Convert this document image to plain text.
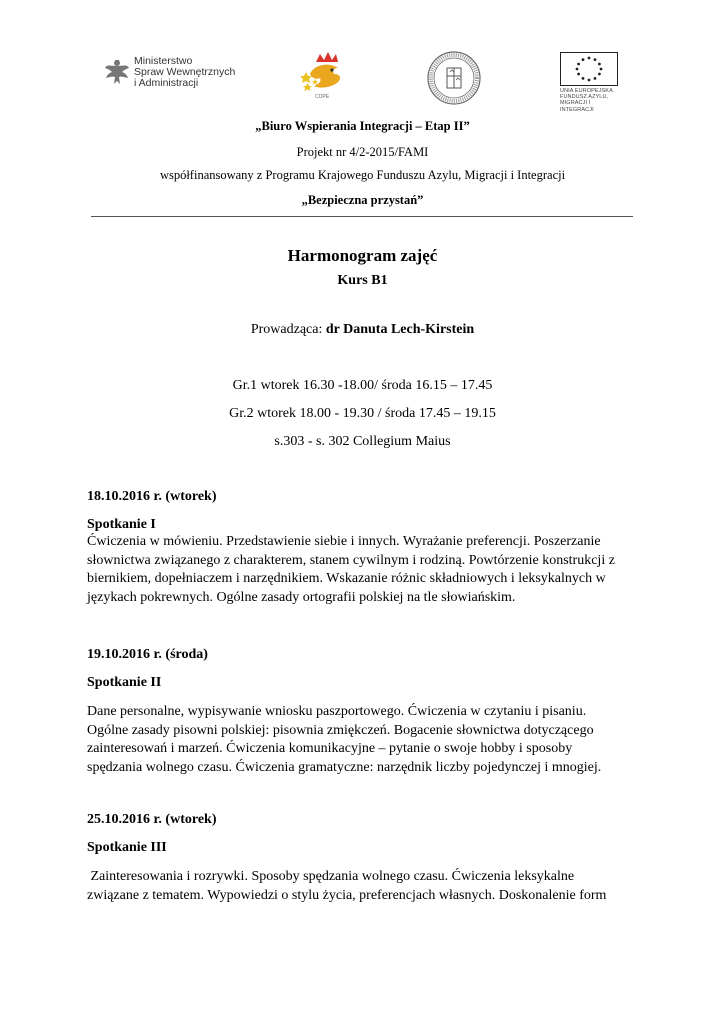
Ministerstwo
Spraw Wewnętrznych
i Administracji
COPE
UNIA EUROPEJSKA
FUNDUSZ AZYLU,
MIGRACJI I INTEGRACJI
„Biuro Wspierania Integracji – Etap II”
Projekt nr 4/2-2015/FAMI
współfinansowany z Programu Krajowego Funduszu Azylu, Migracji i Integracji
„Bezpieczna przystań”
Harmonogram zajęć
Kurs B1
Prowadząca: dr Danuta Lech-Kirstein
Gr.1 wtorek 16.30 -18.00/ środa 16.15 – 17.45
Gr.2 wtorek 18.00 - 19.30 / środa 17.45 – 19.15
s.303 - s. 302 Collegium Maius
18.10.2016 r. (wtorek)
Spotkanie I
Ćwiczenia w mówieniu. Przedstawienie siebie i innych. Wyrażanie preferencji. Poszerzanie
słownictwa związanego z charakterem, stanem cywilnym i rodziną. Powtórzenie konstrukcji z
biernikiem, dopełniaczem i narzędnikiem. Wskazanie różnic składniowych i leksykalnych w
językach pokrewnych. Ogólne zasady ortografii polskiej na tle słowiańskim.
19.10.2016 r. (środa)
Spotkanie II
Dane personalne, wypisywanie wniosku paszportowego. Ćwiczenia w czytaniu i pisaniu.
Ogólne zasady pisowni polskiej: pisownia zmiękczeń. Bogacenie słownictwa dotyczącego
zainteresowań i marzeń. Ćwiczenia komunikacyjne – pytanie o swoje hobby i sposoby
spędzania wolnego czasu. Ćwiczenia gramatyczne: narzędnik liczby pojedynczej i mnogiej.
25.10.2016 r. (wtorek)
Spotkanie III
Zainteresowania i rozrywki. Sposoby spędzania wolnego czasu. Ćwiczenia leksykalne
związane z tematem. Wypowiedzi o stylu życia, preferencjach własnych. Doskonalenie form
